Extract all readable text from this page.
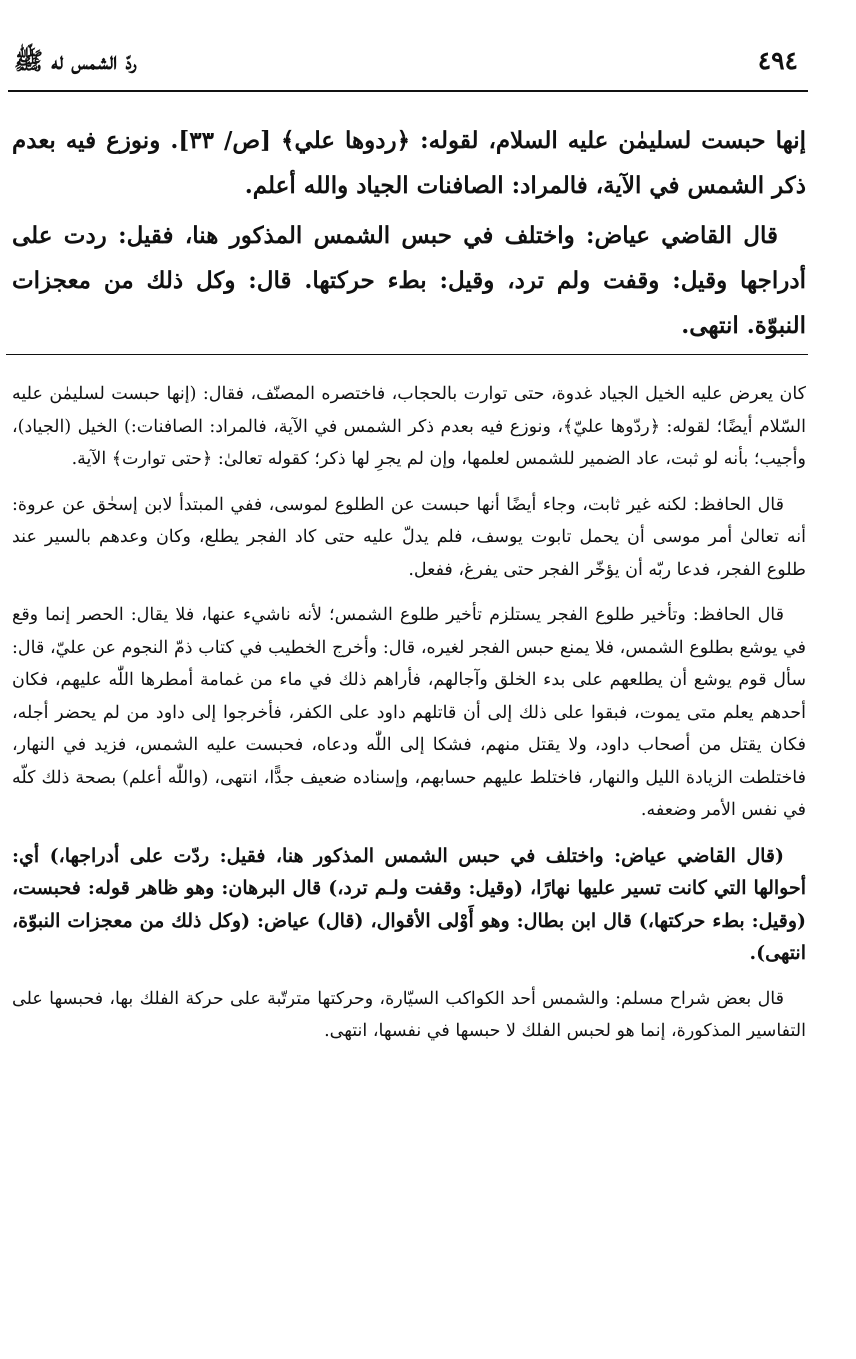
٤٩٤
ردّ الشمس له ﷺ

إنها حبست لسليمٰن عليه السلام، لقوله: ﴿ردوها علي﴾ [ص/ ٣٣]. ونوزع فيه بعدم ذكر الشمس في الآية، فالمراد: الصافنات الجياد والله أعلم.

قال القاضي عياض: واختلف في حبس الشمس المذكور هنا، فقيل: ردت على أدراجها وقيل: وقفت ولم ترد، وقيل: بطء حركتها. قال: وكل ذلك من معجزات النبوّة. انتهى.

كان يعرض عليه الخيل الجياد غدوة، حتى توارت بالحجاب، فاختصره المصنّف، فقال: (إنها حبست لسليمٰن عليه السّلام أيضًا؛ لقوله: ﴿ردّوها عليّ﴾، ونوزع فيه بعدم ذكر الشمس في الآية، فالمراد: الصافنات:) الخيل (الجياد)، وأجيب؛ بأنه لو ثبت، عاد الضمير للشمس لعلمها، وإن لم يجرِ لها ذكر؛ كقوله تعالىٰ: ﴿حتى توارت﴾ الآية.

قال الحافظ: لكنه غير ثابت، وجاء أيضًا أنها حبست عن الطلوع لموسى، ففي المبتدأ لابن إسحٰق عن عروة: أنه تعالىٰ أمر موسى أن يحمل تابوت يوسف، فلم يدلّ عليه حتى كاد الفجر يطلع، وكان وعدهم بالسير عند طلوع الفجر، فدعا ربّه أن يؤخّر الفجر حتى يفرغ، ففعل.

قال الحافظ: وتأخير طلوع الفجر يستلزم تأخير طلوع الشمس؛ لأنه ناشيء عنها، فلا يقال: الحصر إنما وقع في يوشع بطلوع الشمس، فلا يمنع حبس الفجر لغيره، قال: وأخرج الخطيب في كتاب ذمّ النجوم عن عليّ، قال: سأل قوم يوشع أن يطلعهم على بدء الخلق وآجالهم، فأراهم ذلك في ماء من غمامة أمطرها اللّٰه عليهم، فكان أحدهم يعلم متى يموت، فبقوا على ذلك إلى أن قاتلهم داود على الكفر، فأخرجوا إلى داود من لم يحضر أجله، فكان يقتل من أصحاب داود، ولا يقتل منهم، فشكا إلى اللّٰه ودعاه، فحبست عليه الشمس، فزيد في النهار، فاختلطت الزيادة الليل والنهار، فاختلط عليهم حسابهم، وإسناده ضعيف جدًّا، انتهى، (واللّٰه أعلم) بصحة ذلك كلّه في نفس الأمر وضعفه.

(قال القاضي عياض: واختلف في حبس الشمس المذكور هنا، فقيل: ردّت على أدراجها،) أي: أحوالها التي كانت تسير عليها نهارًا، (وقيل: وقفت ولـم ترد،) قال البرهان: وهو ظاهر قوله: فحبست، (وقيل: بطء حركتها،) قال ابن بطال: وهو أَوْلى الأقوال، (قال) عياض: (وكل ذلك من معجزات النبوّة، انتهى).

قال بعض شراح مسلم: والشمس أحد الكواكب السيّارة، وحركتها مترتّبة على حركة الفلك بها، فحبسها على التفاسير المذكورة، إنما هو لحبس الفلك لا حبسها في نفسها، انتهى.
